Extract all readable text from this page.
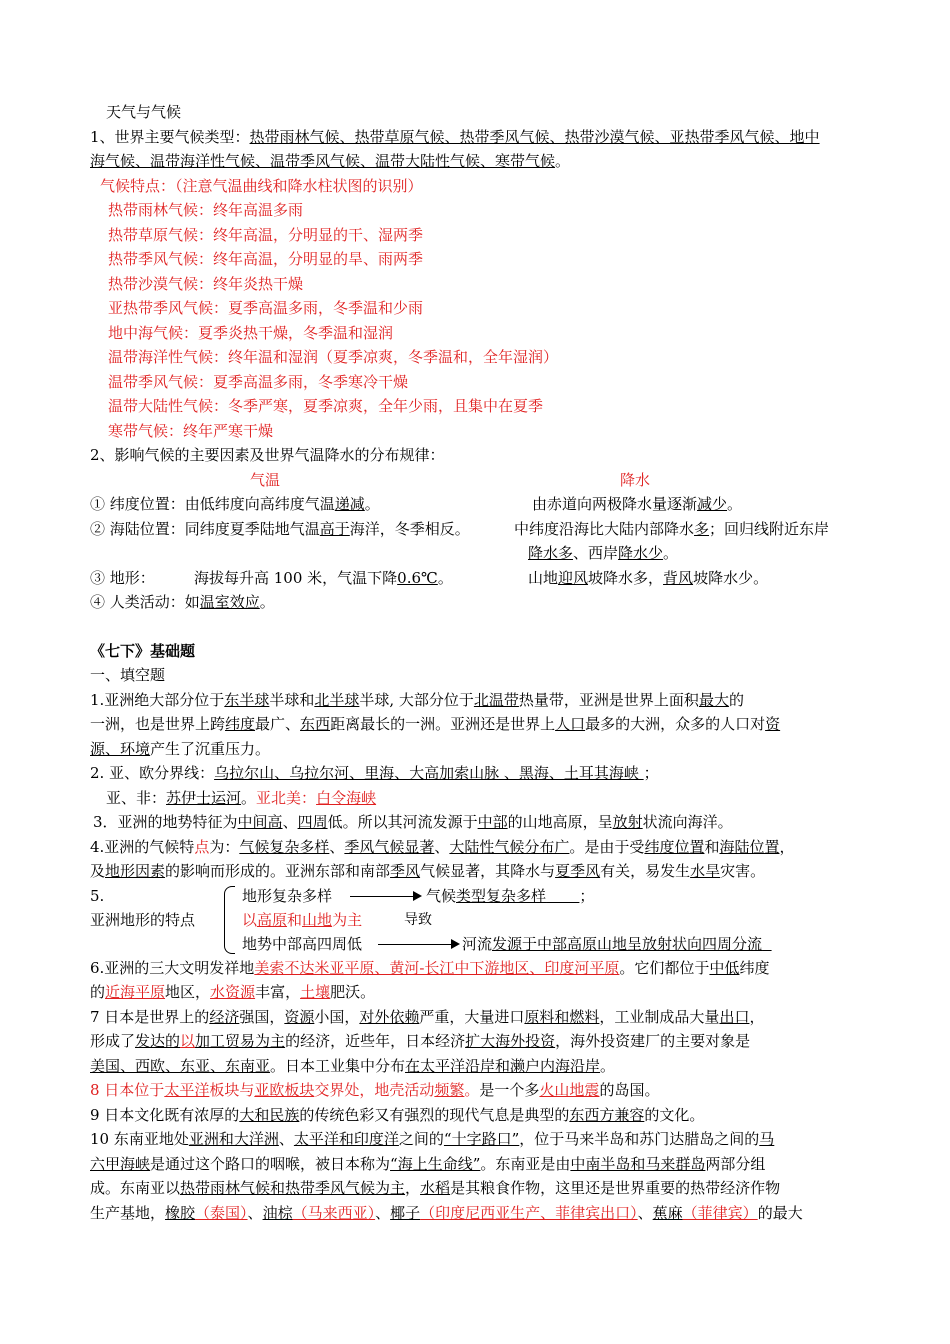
天气与气候
1、世界主要气候类型：热带雨林气候、热带草原气候、热带季风气候、热带沙漠气候、亚热带季风气候、地中
海气候、温带海洋性气候、温带季风气候、温带大陆性气候、寒带气候。
气候特点：（注意气温曲线和降水柱状图的识别）
热带雨林气候：终年高温多雨
热带草原气候：终年高温，分明显的干、湿两季
热带季风气候：终年高温，分明显的旱、雨两季
热带沙漠气候：终年炎热干燥
亚热带季风气候：夏季高温多雨，冬季温和少雨
地中海气候：夏季炎热干燥，冬季温和湿润
温带海洋性气候：终年温和湿润（夏季凉爽，冬季温和，全年湿润）
温带季风气候：夏季高温多雨，冬季寒冷干燥
温带大陆性气候：冬季严寒，夏季凉爽，全年少雨，且集中在夏季
寒带气候：终年严寒干燥
2、影响气候的主要因素及世界气温降水的分布规律：
气温	降水
① 纬度位置：由低纬度向高纬度气温递减。	由赤道向两极降水量逐渐减少。
② 海陆位置：同纬度夏季陆地气温高于海洋，冬季相反。	中纬度沿海比大陆内部降水多；回归线附近东岸
降水多、西岸降水少。
③ 地形：	海拔每升高 100 米，气温下降0.6℃。	山地迎风坡降水多，背风坡降水少。
④ 人类活动：如温室效应。
《七下》基础题
一、填空题
1.亚洲绝大部分位于东半球半球和北半球半球, 大部分位于北温带热量带，亚洲是世界上面积最大的
一洲，也是世界上跨纬度最广、东西距离最长的一洲。亚洲还是世界上人口最多的大洲，众多的人口对资
源、环境产生了沉重压力。
2. 亚、欧分界线：乌拉尔山、乌拉尔河、里海、大高加索山脉 、黑海、土耳其海峡 ；
亚、非：苏伊士运河。亚北美：白令海峡
3．亚洲的地势特征为中间高、四周低。所以其河流发源于中部的山地高原，呈放射状流向海洋。
4.亚洲的气候特点为：气候复杂多样、季风气候显著、大陆性气候分布广。是由于受纬度位置和海陆位置，
及地形因素的影响而形成的。亚洲东部和南部季风气候显著，其降水与夏季风有关，易发生水旱灾害。
5.
亚洲地形的特点
地形复杂多样
以高原和山地为主
地势中部高四周低
气候类型复杂多样 ；
导致
河流发源于中部高原山地呈放射状向四周分流
6.亚洲的三大文明发祥地美索不达米亚平原、黄河-长江中下游地区、印度河平原。它们都位于中低纬度
的近海平原地区，水资源丰富，土壤肥沃。
7 日本是世界上的经济强国，资源小国，对外依赖严重，大量进口原料和燃料，工业制成品大量出口，
形成了发达的以加工贸易为主的经济，近些年，日本经济扩大海外投资，海外投资建厂的主要对象是
美国、西欧、东亚、东南亚。日本工业集中分布在太平洋沿岸和濑户内海沿岸。
8 日本位于太平洋板块与亚欧板块交界处，地壳活动频繁。是一个多火山地震的岛国。
9 日本文化既有浓厚的大和民族的传统色彩又有强烈的现代气息是典型的东西方兼容的文化。
10 东南亚地处亚洲和大洋洲、太平洋和印度洋之间的“十字路口”，位于马来半岛和苏门达腊岛之间的马
六甲海峡是通过这个路口的咽喉，被日本称为“海上生命线”。东南亚是由中南半岛和马来群岛两部分组
成。东南亚以热带雨林气候和热带季风气候为主，水稻是其粮食作物，这里还是世界重要的热带经济作物
生产基地，橡胶（泰国）、油棕（马来西亚）、椰子（印度尼西亚生产、菲律宾出口）、蕉麻（菲律宾）的最大
